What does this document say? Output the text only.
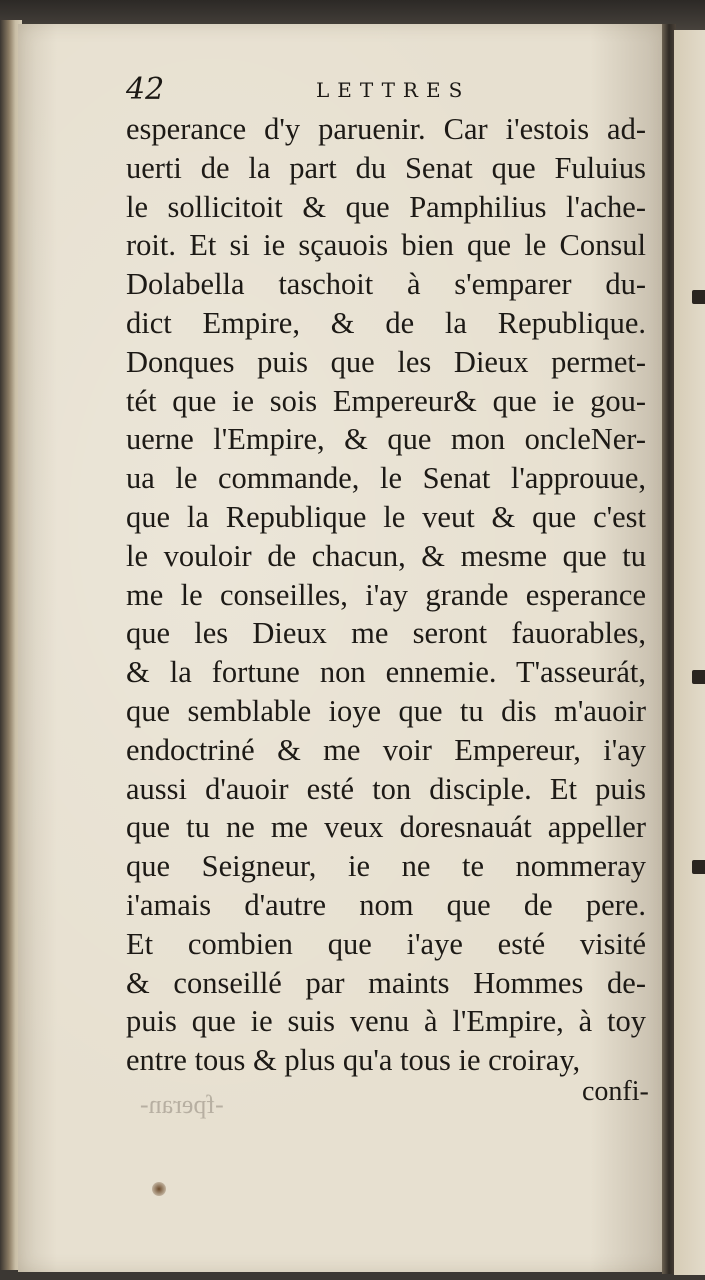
42	LETTRES
esperance d'y paruenir. Car i'estois ad-
uerti de la part du Senat que Fuluius
le sollicitoit & que Pamphilius l'ache-
roit. Et si ie sçauois bien que le Consul
Dolabella taschoit à s'emparer du-
dict Empire, & de la Republique.
Donques puis que les Dieux permet-
tét que ie sois Empereur& que ie gou-
uerne l'Empire, & que mon oncleNer-
ua le commande, le Senat l'approuue,
que la Republique le veut & que c'est
le vouloir de chacun, & mesme que tu
me le conseilles, i'ay grande esperance
que les Dieux me seront fauorables,
& la fortune non ennemie. T'asseurát,
que semblable ioye que tu dis m'auoir
endoctriné & me voir Empereur, i'ay
aussi d'auoir esté ton disciple. Et puis
que tu ne me veux doresnauát appeller
que Seigneur, ie ne te nommeray
i'amais d'autre nom que de pere.
Et combien que i'aye esté visité
& conseillé par maints Hommes de-
puis que ie suis venu à l'Empire, à toy
entre tous & plus qu'a tous ie croiray,
-fperan-	confi-
